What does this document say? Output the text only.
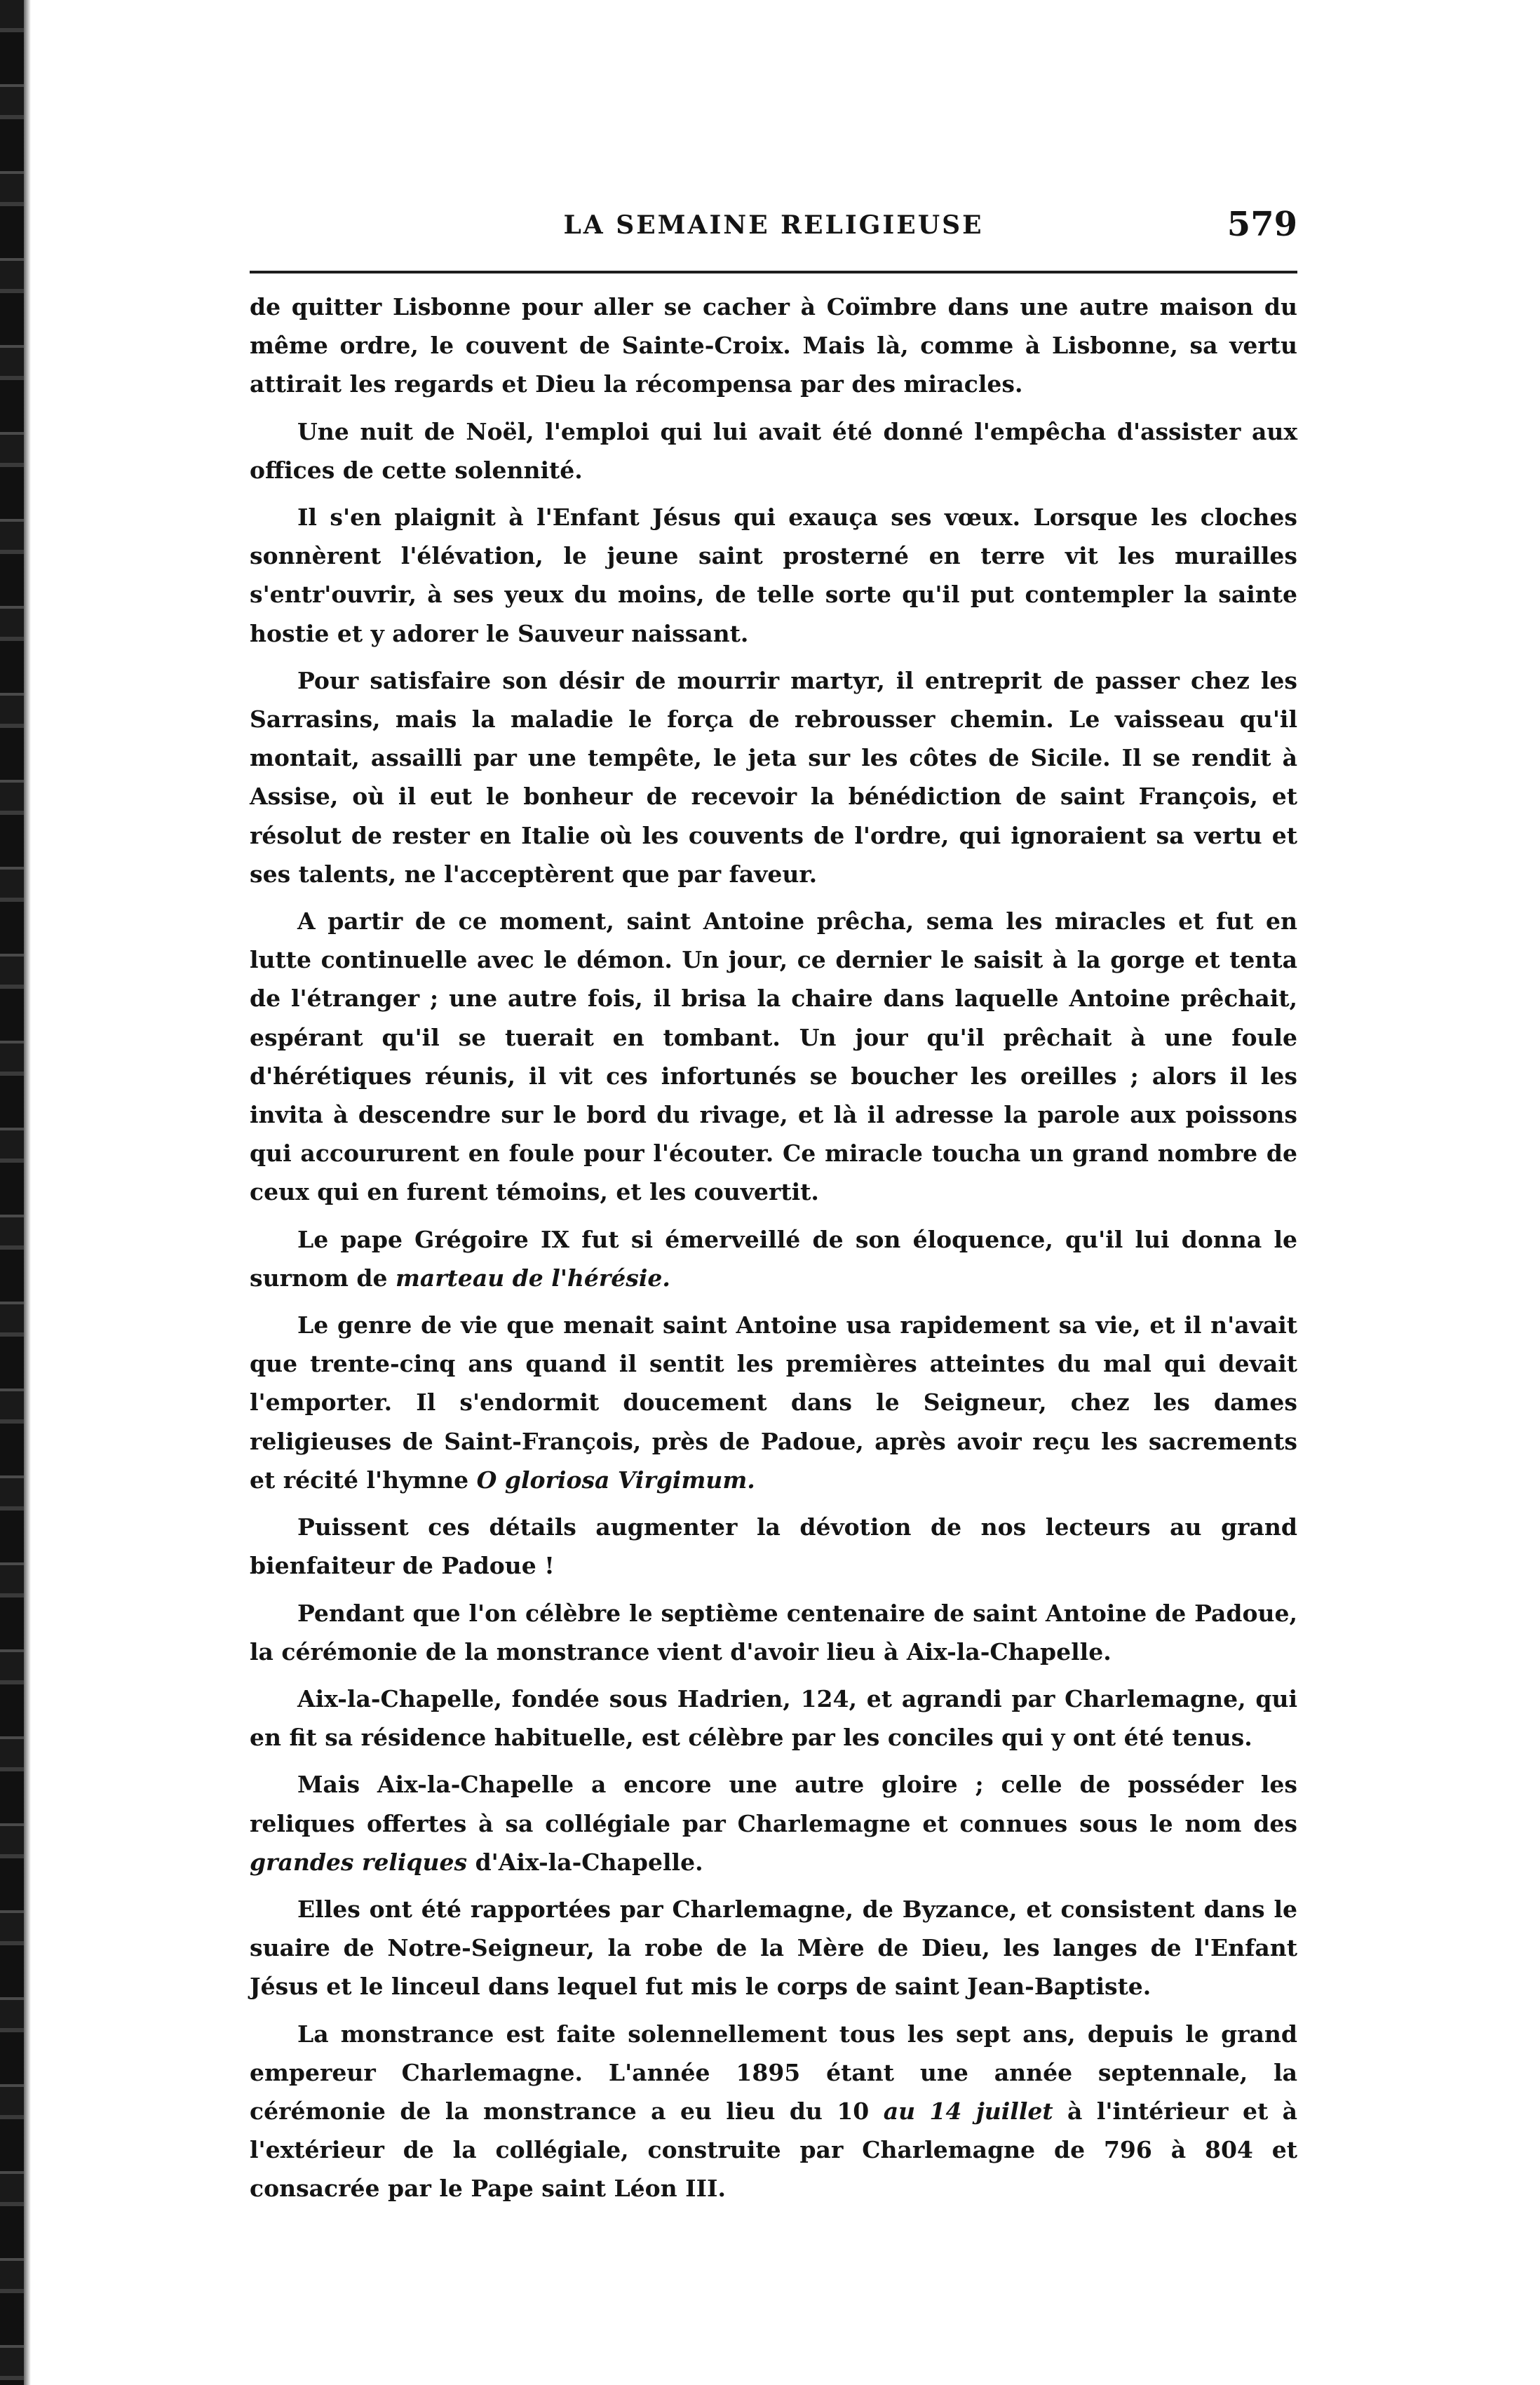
LA SEMAINE RELIGIEUSE	579

de quitter Lisbonne pour aller se cacher à Coïmbre dans une autre maison du même ordre, le couvent de Sainte-Croix. Mais là, comme à Lisbonne, sa vertu attirait les regards et Dieu la récompensa par des miracles.

Une nuit de Noël, l'emploi qui lui avait été donné l'empêcha d'assister aux offices de cette solennité.

Il s'en plaignit à l'Enfant Jésus qui exauça ses vœux. Lorsque les cloches sonnèrent l'élévation, le jeune saint prosterné en terre vit les murailles s'entr'ouvrir, à ses yeux du moins, de telle sorte qu'il put contempler la sainte hostie et y adorer le Sauveur naissant.

Pour satisfaire son désir de mourrir martyr, il entreprit de passer chez les Sarrasins, mais la maladie le força de rebrousser chemin. Le vaisseau qu'il montait, assailli par une tempête, le jeta sur les côtes de Sicile. Il se rendit à Assise, où il eut le bonheur de recevoir la bénédiction de saint François, et résolut de rester en Italie où les couvents de l'ordre, qui ignoraient sa vertu et ses talents, ne l'acceptèrent que par faveur.

A partir de ce moment, saint Antoine prêcha, sema les miracles et fut en lutte continuelle avec le démon. Un jour, ce dernier le saisit à la gorge et tenta de l'étranger ; une autre fois, il brisa la chaire dans laquelle Antoine prêchait, espérant qu'il se tuerait en tombant. Un jour qu'il prêchait à une foule d'hérétiques réunis, il vit ces infortunés se boucher les oreilles ; alors il les invita à descendre sur le bord du rivage, et là il adresse la parole aux poissons qui accoururent en foule pour l'écouter. Ce miracle toucha un grand nombre de ceux qui en furent témoins, et les couvertit.

Le pape Grégoire IX fut si émerveillé de son éloquence, qu'il lui donna le surnom de marteau de l'hérésie.

Le genre de vie que menait saint Antoine usa rapidement sa vie, et il n'avait que trente-cinq ans quand il sentit les premières atteintes du mal qui devait l'emporter. Il s'endormit doucement dans le Seigneur, chez les dames religieuses de Saint-François, près de Padoue, après avoir reçu les sacrements et récité l'hymne O gloriosa Virgimum.

Puissent ces détails augmenter la dévotion de nos lecteurs au grand bienfaiteur de Padoue !

Pendant que l'on célèbre le septième centenaire de saint Antoine de Padoue, la cérémonie de la monstrance vient d'avoir lieu à Aix-la-Chapelle.

Aix-la-Chapelle, fondée sous Hadrien, 124, et agrandi par Charlemagne, qui en fit sa résidence habituelle, est célèbre par les conciles qui y ont été tenus.

Mais Aix-la-Chapelle a encore une autre gloire ; celle de posséder les reliques offertes à sa collégiale par Charlemagne et connues sous le nom des grandes reliques d'Aix-la-Chapelle.

Elles ont été rapportées par Charlemagne, de Byzance, et consistent dans le suaire de Notre-Seigneur, la robe de la Mère de Dieu, les langes de l'Enfant Jésus et le linceul dans lequel fut mis le corps de saint Jean-Baptiste.

La monstrance est faite solennellement tous les sept ans, depuis le grand empereur Charlemagne. L'année 1895 étant une année septennale, la cérémonie de la monstrance a eu lieu du 10 au 14 juillet à l'intérieur et à l'extérieur de la collégiale, construite par Charlemagne de 796 à 804 et consacrée par le Pape saint Léon III.
